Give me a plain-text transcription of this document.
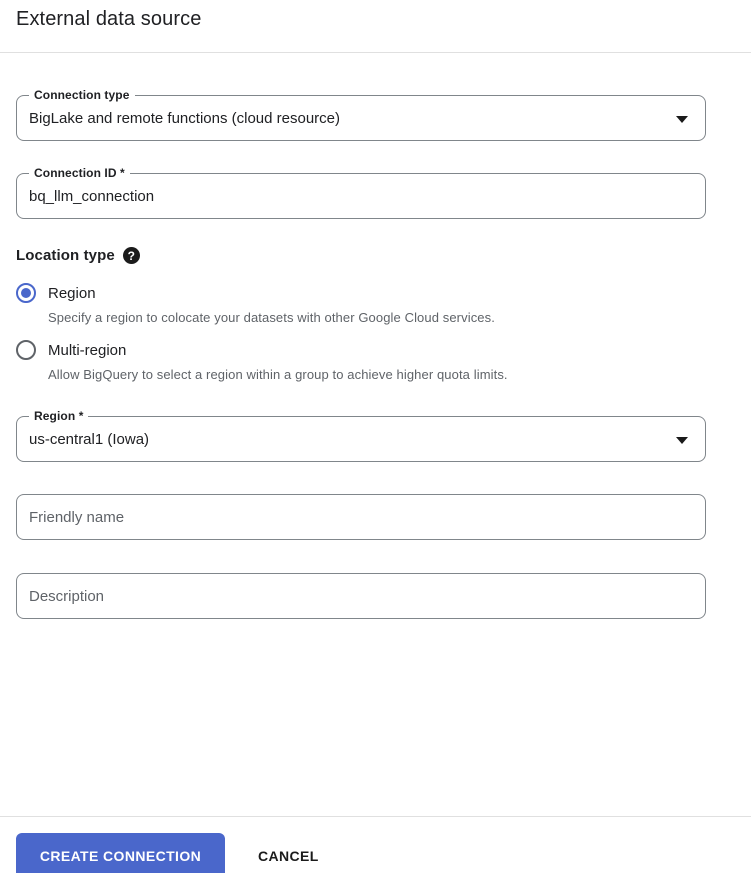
External data source
Connection type
BigLake and remote functions (cloud resource)
Connection ID *
bq_llm_connection
Location type	?
Region
Specify a region to colocate your datasets with other Google Cloud services.
Multi-region
Allow BigQuery to select a region within a group to achieve higher quota limits.
Region *
us-central1 (Iowa)
Friendly name
Description
CREATE CONNECTION	CANCEL
